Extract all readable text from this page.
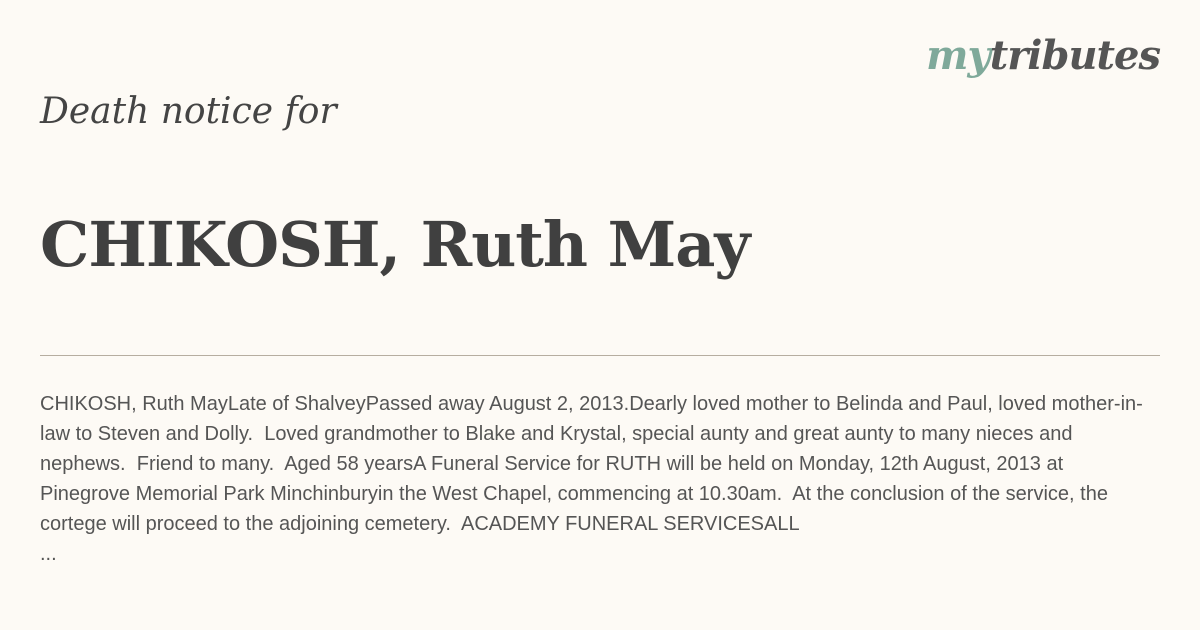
mytributes

Death notice for

CHIKOSH, Ruth May

CHIKOSH, Ruth MayLate of ShalveyPassed away August 2, 2013.Dearly loved mother to Belinda and Paul, loved mother-in-law to Steven and Dolly.  Loved grandmother to Blake and Krystal, special aunty and great aunty to many nieces and nephews.  Friend to many.  Aged 58 yearsA Funeral Service for RUTH will be held on Monday, 12th August, 2013 at Pinegrove Memorial Park Minchinburyin the West Chapel, commencing at 10.30am.  At the conclusion of the service, the cortege will proceed to the adjoining cemetery.  ACADEMY FUNERAL SERVICESALL

...
